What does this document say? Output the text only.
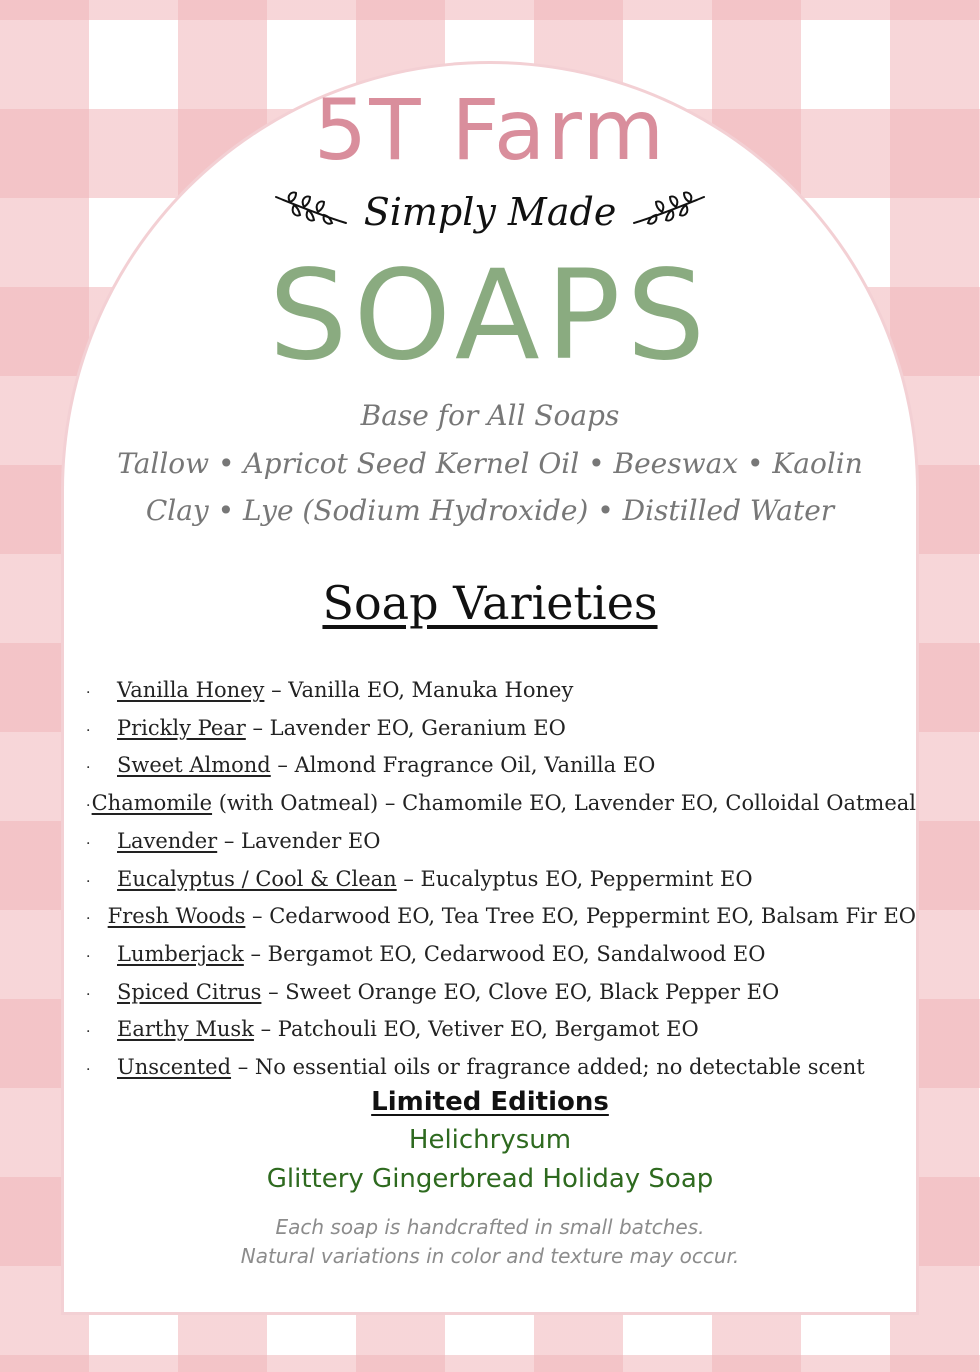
5T Farm
Simply Made
SOAPS
Base for All Soaps
Tallow • Apricot Seed Kernel Oil • Beeswax • Kaolin Clay • Lye (Sodium Hydroxide) • Distilled Water
Soap Varieties
·	Vanilla Honey – Vanilla EO, Manuka Honey
·	Prickly Pear – Lavender EO, Geranium EO
·	Sweet Almond – Almond Fragrance Oil, Vanilla EO
· Chamomile (with Oatmeal) – Chamomile EO, Lavender EO, Colloidal Oatmeal
·	Lavender – Lavender EO
·	Eucalyptus / Cool & Clean – Eucalyptus EO, Peppermint EO
· Fresh Woods – Cedarwood EO, Tea Tree EO, Peppermint EO, Balsam Fir EO
·	Lumberjack – Bergamot EO, Cedarwood EO, Sandalwood EO
·	Spiced Citrus – Sweet Orange EO, Clove EO, Black Pepper EO
·	Earthy Musk – Patchouli EO, Vetiver EO, Bergamot EO
·	Unscented – No essential oils or fragrance added; no detectable scent
Limited Editions
Helichrysum
Glittery Gingerbread Holiday Soap
Each soap is handcrafted in small batches.
Natural variations in color and texture may occur.
